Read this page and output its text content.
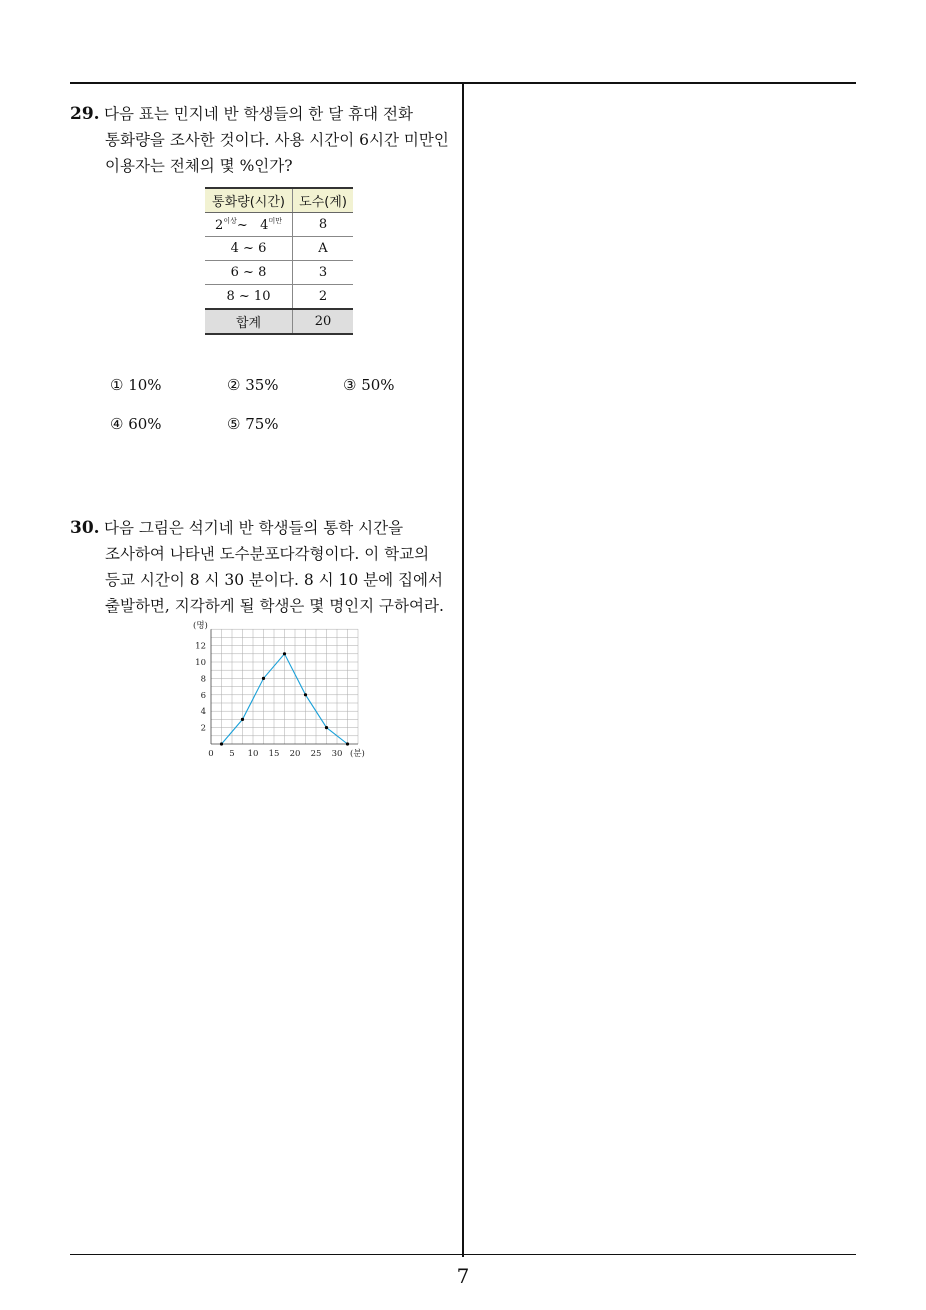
29. 다음 표는 민지네 반 학생들의 한 달 휴대 전화
통화량을 조사한 것이다. 사용 시간이 6시간 미만인
이용자는 전체의 몇 %인가?
통화량(시간)	도수(계)
$2^{이상}\sim$ $4^{미만}$	8
4 ~ 6	A
6 ~ 8	3
8 ~ 10	2
합계	20
① 10%	② 35%	③ 50%
④ 60%	⑤ 75%
30. 다음 그림은 석기네 반 학생들의 통학 시간을
조사하여 나타낸 도수분포다각형이다. 이 학교의
등교 시간이 8 시 30 분이다. 8 시 10 분에 집에서
출발하면, 지각하게 될 학생은 몇 명인지 구하여라.
0 5 10 15 20 25 30
2
4
6
8
10
12
(명)
(분)
7
